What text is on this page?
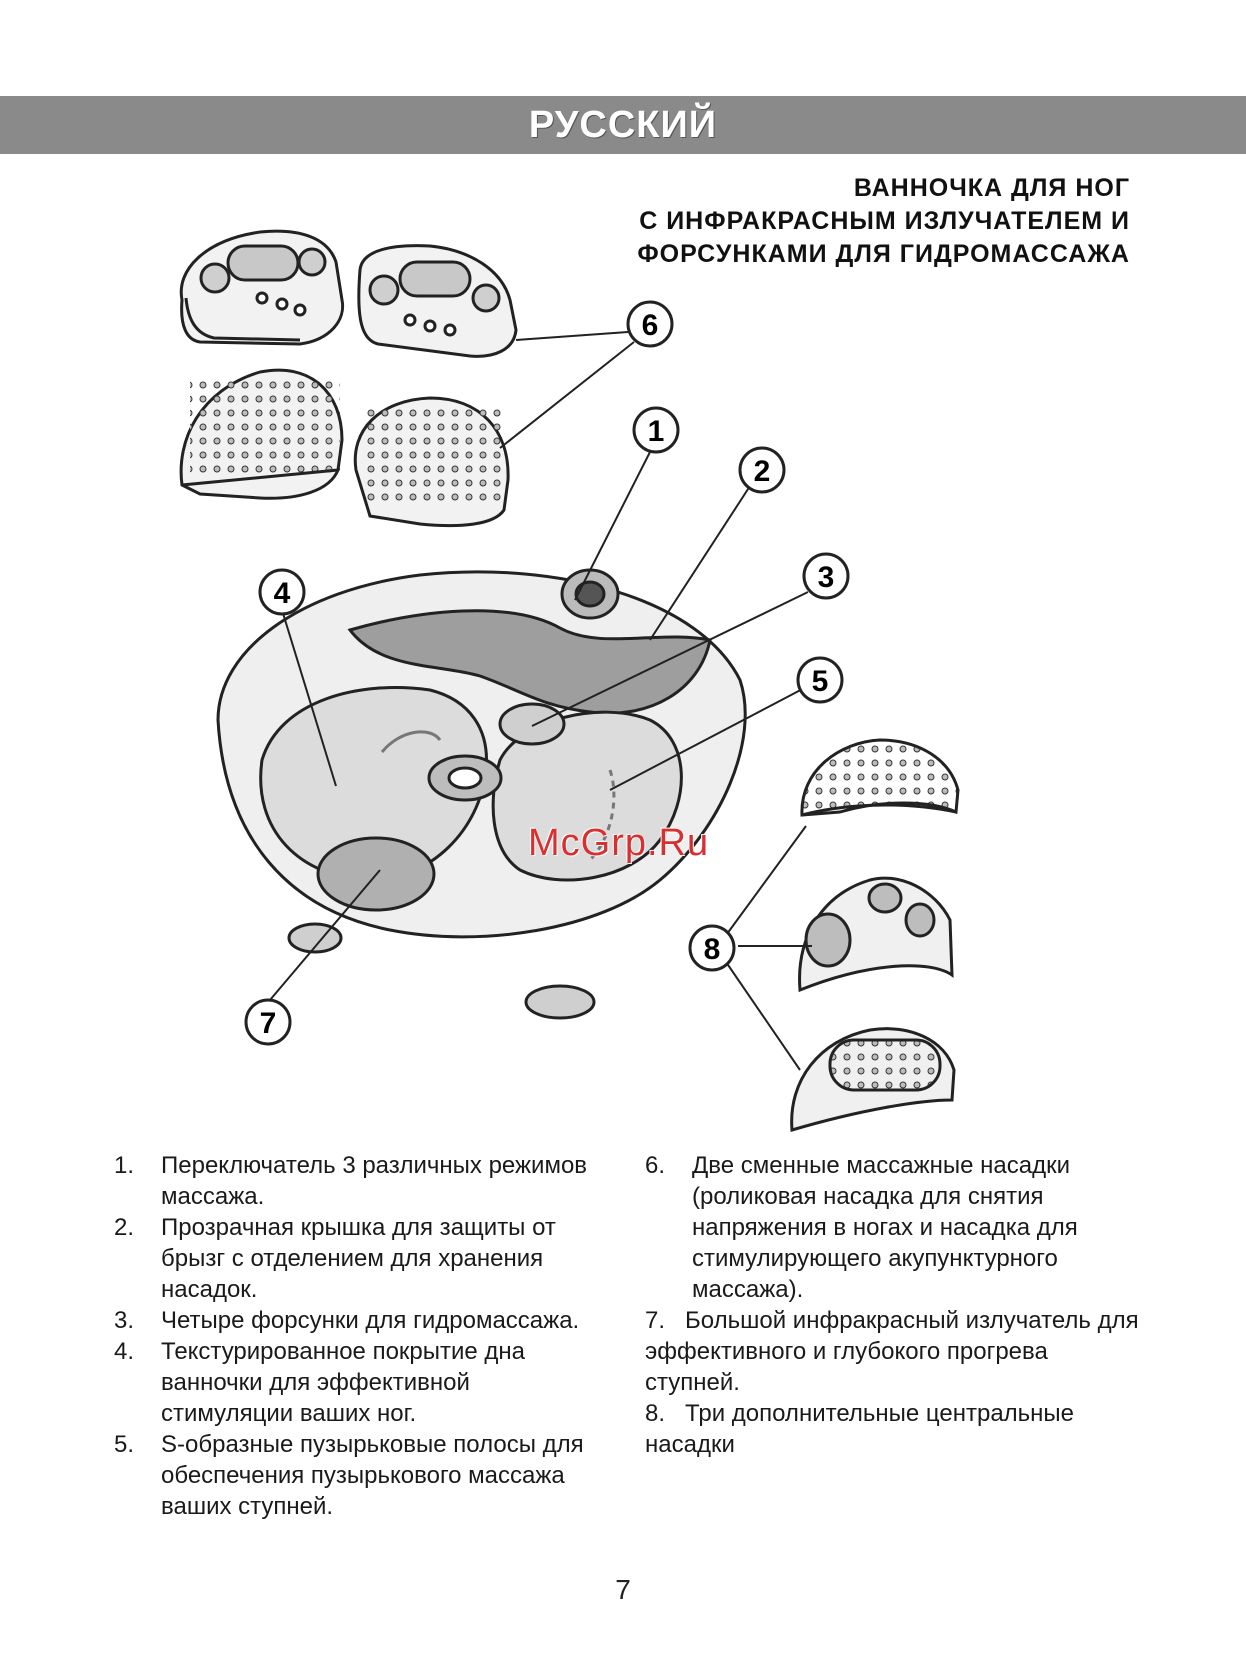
РУССКИЙ
ВАННОЧКА ДЛЯ НОГ
С ИНФРАКРАСНЫМ ИЗЛУЧАТЕЛЕМ И
ФОРСУНКАМИ ДЛЯ ГИДРОМАССАЖА
6
1
2
3
4
5
8
7
McGrp.Ru
1.	Переключатель 3 различных режимов массажа.
2.	Прозрачная крышка для защиты от брызг с отделением для хранения насадок.
3.	Четыре форсунки для гидромассажа.
4.	Текстурированное покрытие дна ванночки для эффективной стимуляции ваших ног.
5.	S-образные пузырьковые полосы для обеспечения пузырькового массажа ваших ступней.
6.	Две сменные массажные насадки (роликовая насадка для снятия напряжения в ногах и насадка для стимулирующего акупунктурного массажа).
7. Большой инфракрасный излучатель для эффективного и глубокого прогрева ступней.
8. Три дополнительные центральные насадки
7
